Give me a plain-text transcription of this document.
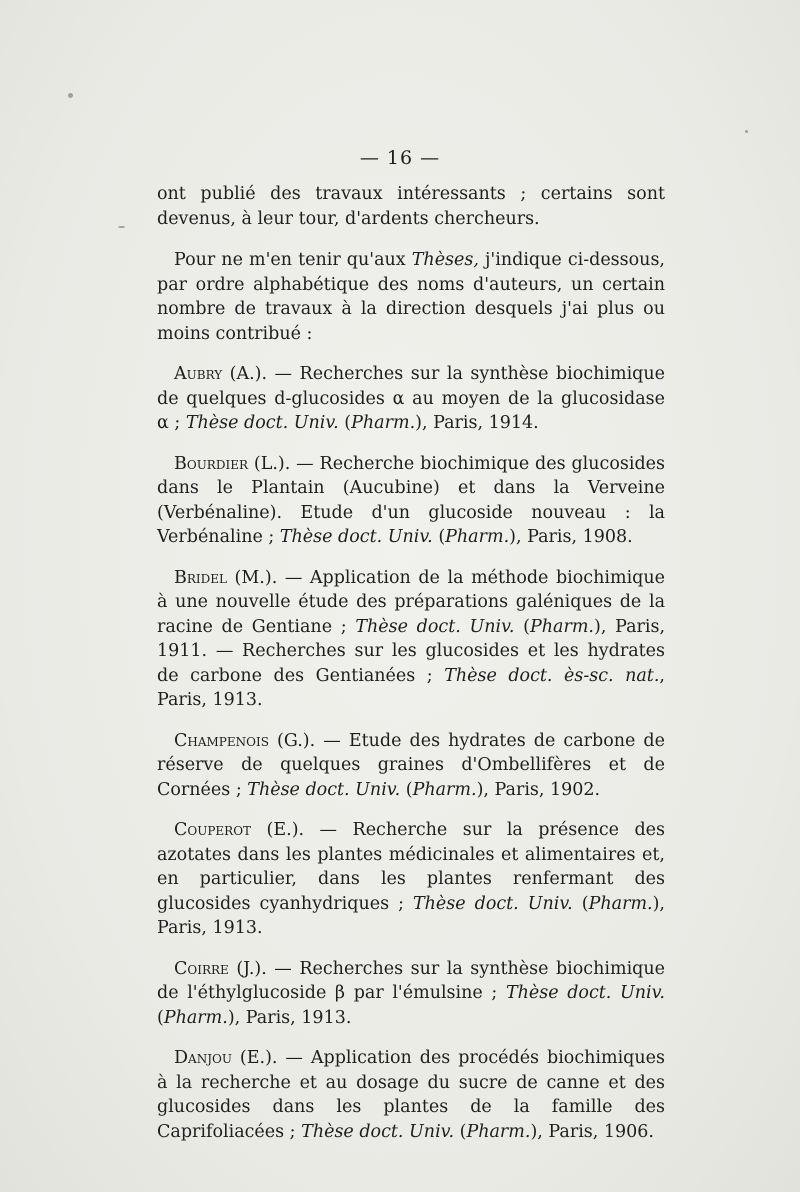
— 16 —

ont publié des travaux intéressants ; certains sont devenus, à leur tour, d'ardents chercheurs.

Pour ne m'en tenir qu'aux Thèses, j'indique ci-dessous, par ordre alphabétique des noms d'auteurs, un certain nombre de travaux à la direction desquels j'ai plus ou moins contribué :

Aubry (A.). — Recherches sur la synthèse biochimique de quelques d-glucosides α au moyen de la glucosidase α ; Thèse doct. Univ. (Pharm.), Paris, 1914.

Bourdier (L.). — Recherche biochimique des glucosides dans le Plantain (Aucubine) et dans la Verveine (Verbénaline). Etude d'un glucoside nouveau : la Verbénaline ; Thèse doct. Univ. (Pharm.), Paris, 1908.

Bridel (M.). — Application de la méthode biochimique à une nouvelle étude des préparations galéniques de la racine de Gentiane ; Thèse doct. Univ. (Pharm.), Paris, 1911. — Recherches sur les glucosides et les hydrates de carbone des Gentianées ; Thèse doct. ès-sc. nat., Paris, 1913.

Champenois (G.). — Etude des hydrates de carbone de réserve de quelques graines d'Ombellifères et de Cornées ; Thèse doct. Univ. (Pharm.), Paris, 1902.

Couperot (E.). — Recherche sur la présence des azotates dans les plantes médicinales et alimentaires et, en particulier, dans les plantes renfermant des glucosides cyanhydriques ; Thèse doct. Univ. (Pharm.), Paris, 1913.

Coirre (J.). — Recherches sur la synthèse biochimique de l'éthylglucoside β par l'émulsine ; Thèse doct. Univ. (Pharm.), Paris, 1913.

Danjou (E.). — Application des procédés biochimiques à la recherche et au dosage du sucre de canne et des glucosides dans les plantes de la famille des Caprifoliacées ; Thèse doct. Univ. (Pharm.), Paris, 1906.
